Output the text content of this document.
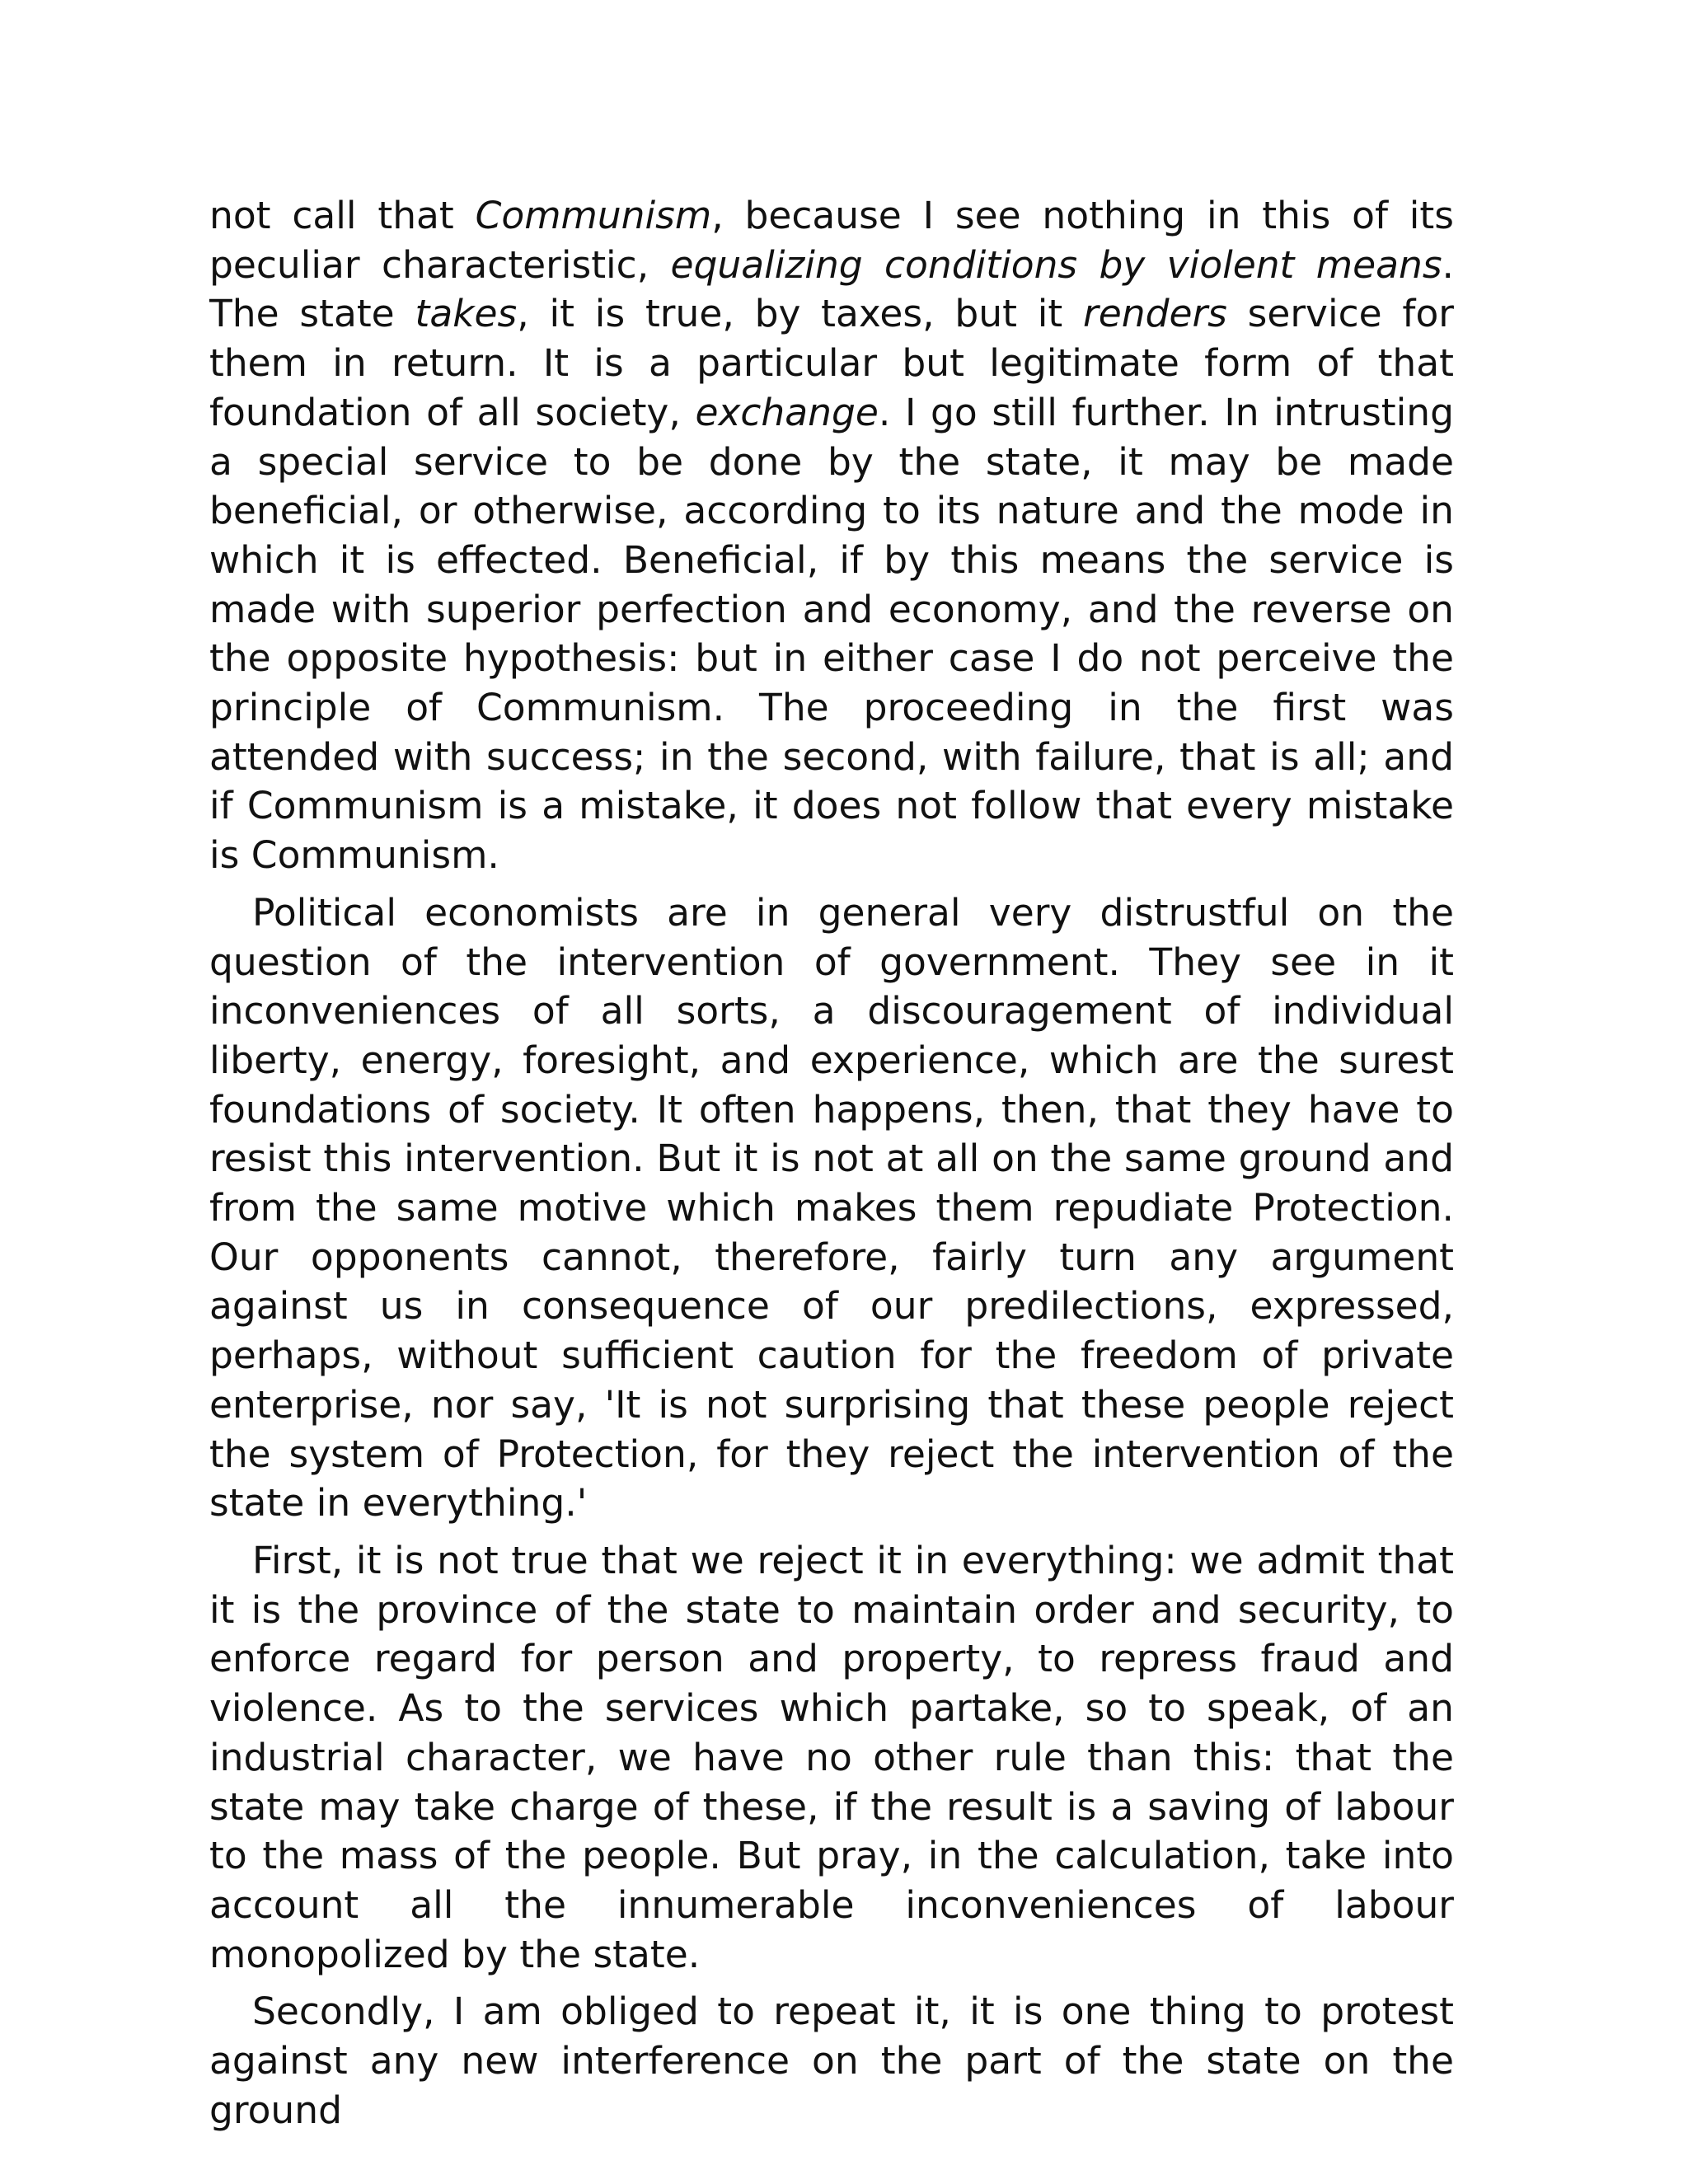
not call that Communism, because I see nothing in this of its peculiar characteristic, equalizing conditions by violent means. The state takes, it is true, by taxes, but it renders service for them in return. It is a particular but legitimate form of that foundation of all society, exchange. I go still further. In intrusting a special service to be done by the state, it may be made beneficial, or otherwise, according to its nature and the mode in which it is effected. Beneficial, if by this means the service is made with superior perfection and economy, and the reverse on the opposite hypothesis: but in either case I do not perceive the principle of Communism. The proceeding in the first was attended with success; in the second, with failure, that is all; and if Communism is a mistake, it does not follow that every mistake is Communism.

Political economists are in general very distrustful on the question of the intervention of government. They see in it inconveniences of all sorts, a discouragement of individual liberty, energy, foresight, and experience, which are the surest foundations of society. It often happens, then, that they have to resist this intervention. But it is not at all on the same ground and from the same motive which makes them repudiate Protection. Our opponents cannot, therefore, fairly turn any argument against us in consequence of our predilections, expressed, perhaps, without sufficient caution for the freedom of private enterprise, nor say, 'It is not surprising that these people reject the system of Protection, for they reject the intervention of the state in everything.'

First, it is not true that we reject it in everything: we admit that it is the province of the state to maintain order and security, to enforce regard for person and property, to repress fraud and violence. As to the services which partake, so to speak, of an industrial character, we have no other rule than this: that the state may take charge of these, if the result is a saving of labour to the mass of the people. But pray, in the calculation, take into account all the innumerable inconveniences of labour monopolized by the state.

Secondly, I am obliged to repeat it, it is one thing to protest against any new interference on the part of the state on the ground
